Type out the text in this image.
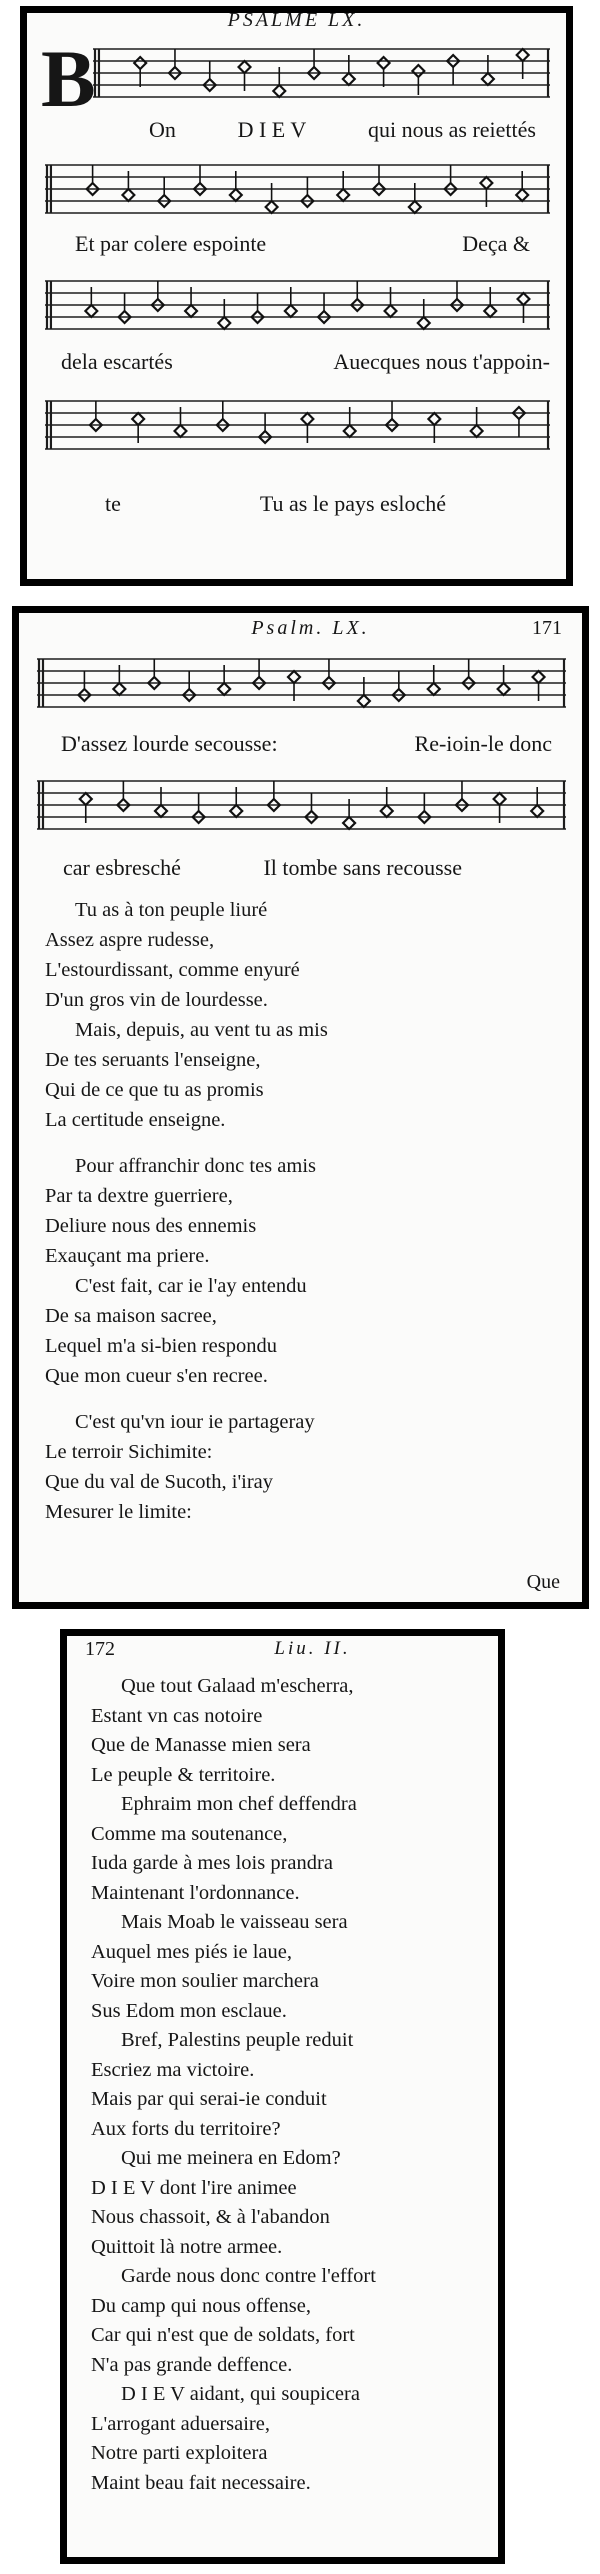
PSALME LX.
B
On	D I E V	qui nous as reiettés
Et par colere espointe	Deça &
dela escartés	Auecques nous t'appoin-
te	Tu as le pays esloché
Psalm. LX.	171
D'assez lourde secousse:	Re-ioin-le donc
car esbresché	Il tombe sans recousse
Tu as à ton peuple liuré
Assez aspre rudesse,
L'estourdissant, comme enyuré
D'un gros vin de lourdesse.
Mais, depuis, au vent tu as mis
De tes seruants l'enseigne,
Qui de ce que tu as promis
La certitude enseigne.
Pour affranchir donc tes amis
Par ta dextre guerriere,
Deliure nous des ennemis
Exauçant ma priere.
C'est fait, car ie l'ay entendu
De sa maison sacree,
Lequel m'a si-bien respondu
Que mon cueur s'en recree.
C'est qu'vn iour ie partageray
Le terroir Sichimite:
Que du val de Sucoth, i'iray
Mesurer le limite:
Que
172	Liu. II.
Que tout Galaad m'escherra,
Estant vn cas notoire
Que de Manasse mien sera
Le peuple & territoire.
Ephraim mon chef deffendra
Comme ma soutenance,
Iuda garde à mes lois prandra
Maintenant l'ordonnance.
Mais Moab le vaisseau sera
Auquel mes piés ie laue,
Voire mon soulier marchera
Sus Edom mon esclaue.
Bref, Palestins peuple reduit
Escriez ma victoire.
Mais par qui serai-ie conduit
Aux forts du territoire?
Qui me meinera en Edom?
D I E V dont l'ire animee
Nous chassoit, & à l'abandon
Quittoit là notre armee.
Garde nous donc contre l'effort
Du camp qui nous offense,
Car qui n'est que de soldats, fort
N'a pas grande deffence.
D I E V aidant, qui soupicera
L'arrogant aduersaire,
Notre parti exploitera
Maint beau fait necessaire.
